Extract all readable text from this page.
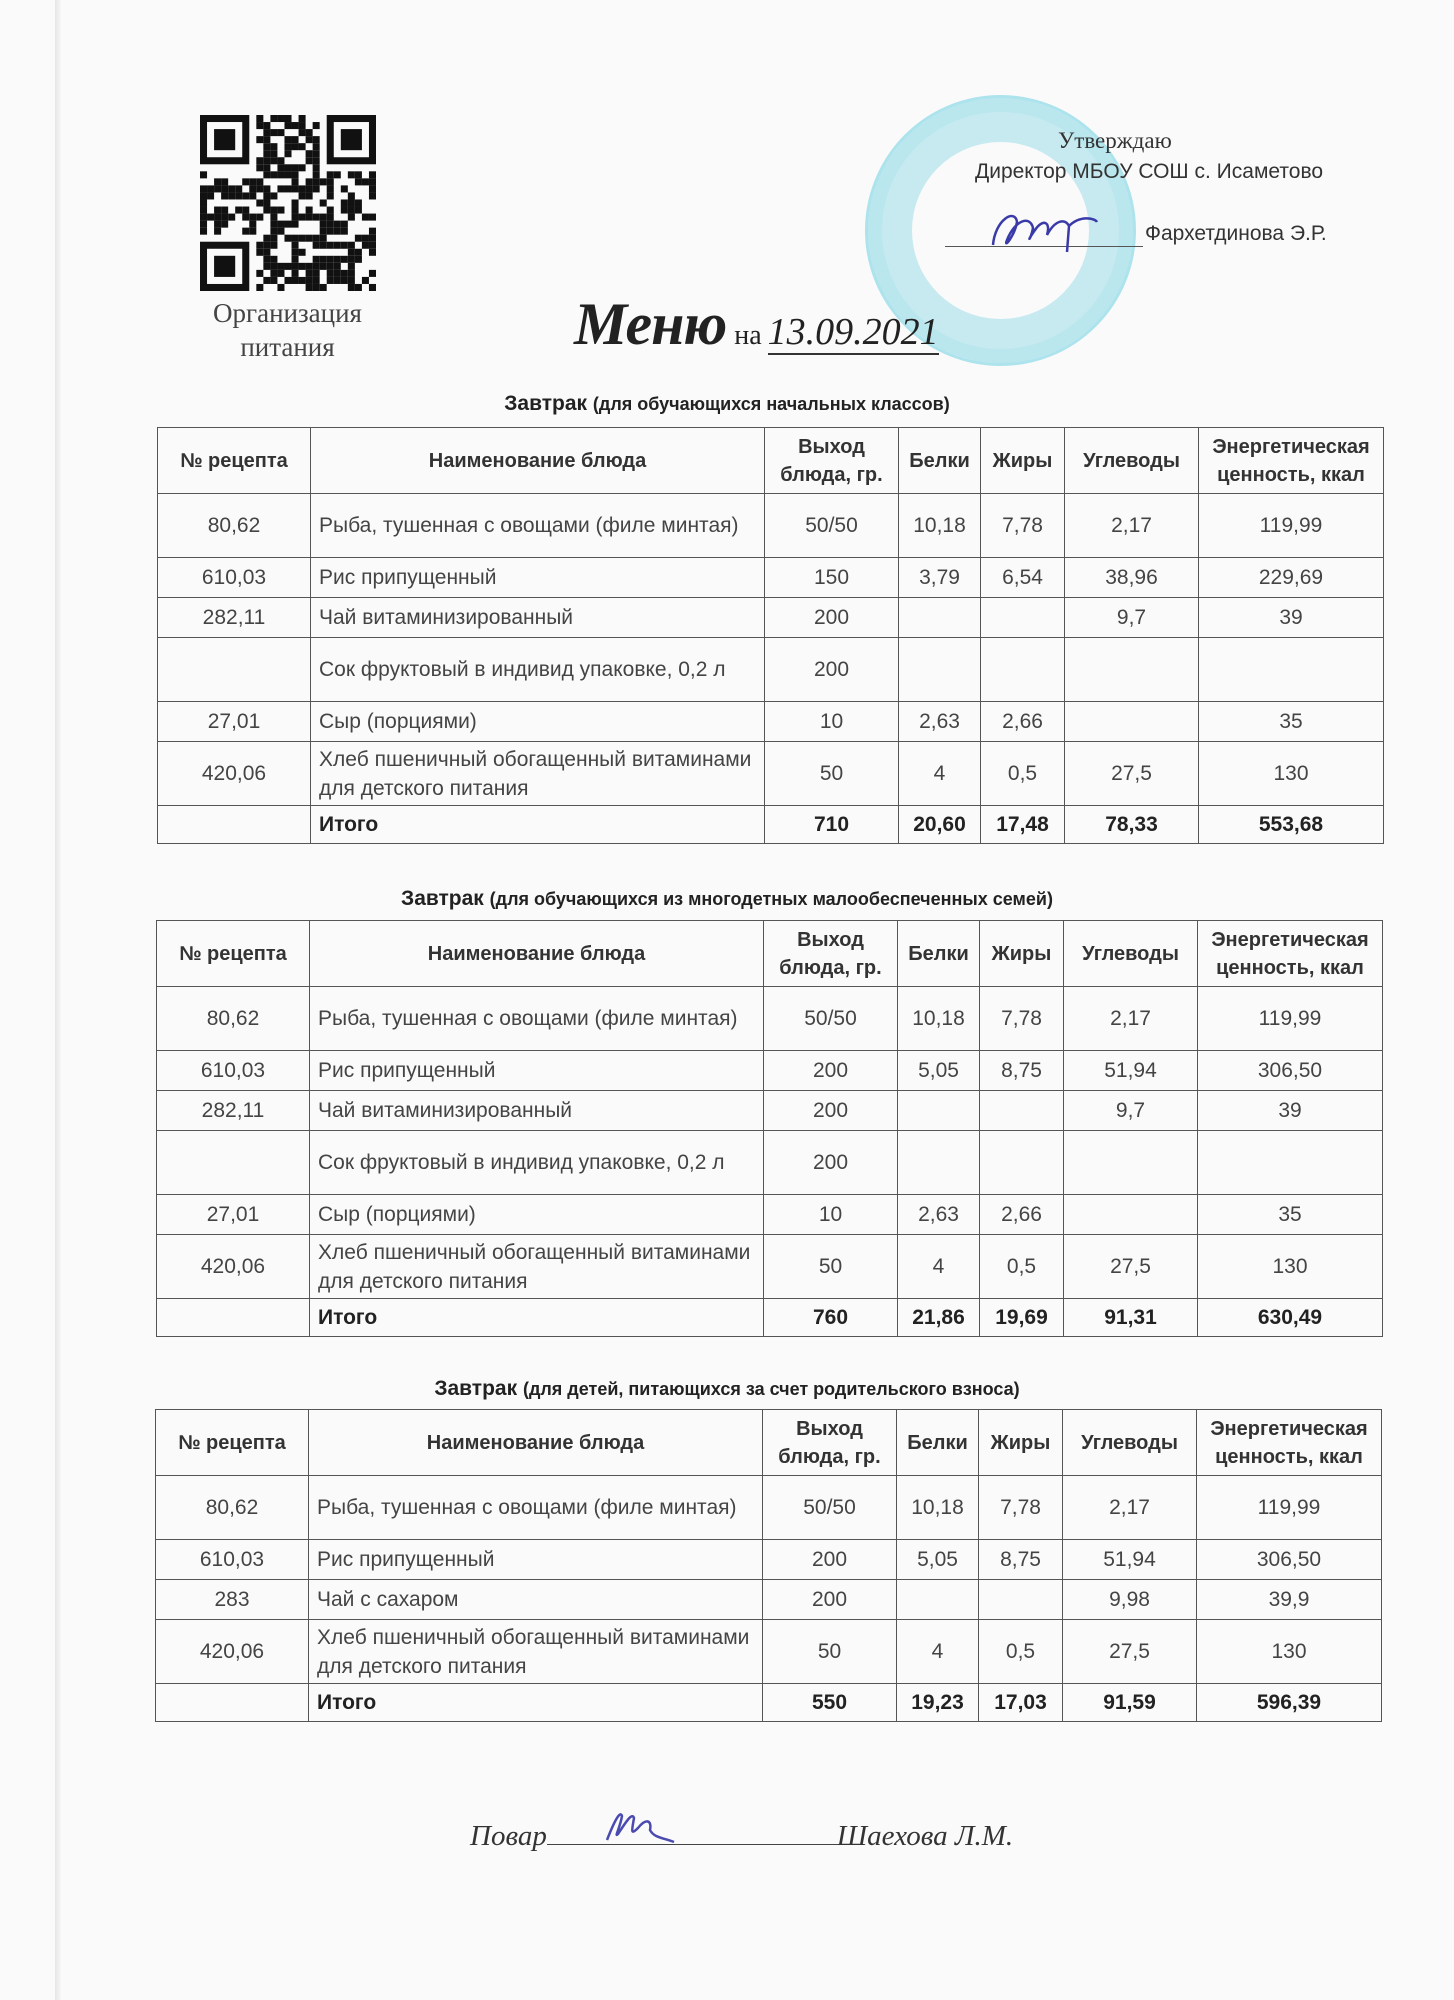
Организация питания
Утверждаю
Директор МБОУ СОШ с. Исаметово
Фархетдинова Э.Р.
Меню на 13.09.2021
Завтрак (для обучающихся начальных классов)
№ рецепта	Наименование блюда	Выход блюда, гр.	Белки	Жиры	Углеводы	Энергетическая ценность, ккал
80,62	Рыба, тушенная с овощами (филе минтая)	50/50	10,18	7,78	2,17	119,99
610,03	Рис припущенный	150	3,79	6,54	38,96	229,69
282,11	Чай витаминизированный	200			9,7	39
	Сок фруктовый в индивид упаковке, 0,2 л	200				
27,01	Сыр (порциями)	10	2,63	2,66		35
420,06	Хлеб пшеничный обогащенный витаминами для детского питания	50	4	0,5	27,5	130
	Итого	710	20,60	17,48	78,33	553,68
Завтрак (для обучающихся из многодетных малообеспеченных семей)
№ рецепта	Наименование блюда	Выход блюда, гр.	Белки	Жиры	Углеводы	Энергетическая ценность, ккал
80,62	Рыба, тушенная с овощами (филе минтая)	50/50	10,18	7,78	2,17	119,99
610,03	Рис припущенный	200	5,05	8,75	51,94	306,50
282,11	Чай витаминизированный	200			9,7	39
	Сок фруктовый в индивид упаковке, 0,2 л	200				
27,01	Сыр (порциями)	10	2,63	2,66		35
420,06	Хлеб пшеничный обогащенный витаминами для детского питания	50	4	0,5	27,5	130
	Итого	760	21,86	19,69	91,31	630,49
Завтрак (для детей, питающихся за счет родительского взноса)
№ рецепта	Наименование блюда	Выход блюда, гр.	Белки	Жиры	Углеводы	Энергетическая ценность, ккал
80,62	Рыба, тушенная с овощами (филе минтая)	50/50	10,18	7,78	2,17	119,99
610,03	Рис припущенный	200	5,05	8,75	51,94	306,50
283	Чай с сахаром	200			9,98	39,9
420,06	Хлеб пшеничный обогащенный витаминами для детского питания	50	4	0,5	27,5	130
	Итого	550	19,23	17,03	91,59	596,39
Повар	Шаехова Л.М.
